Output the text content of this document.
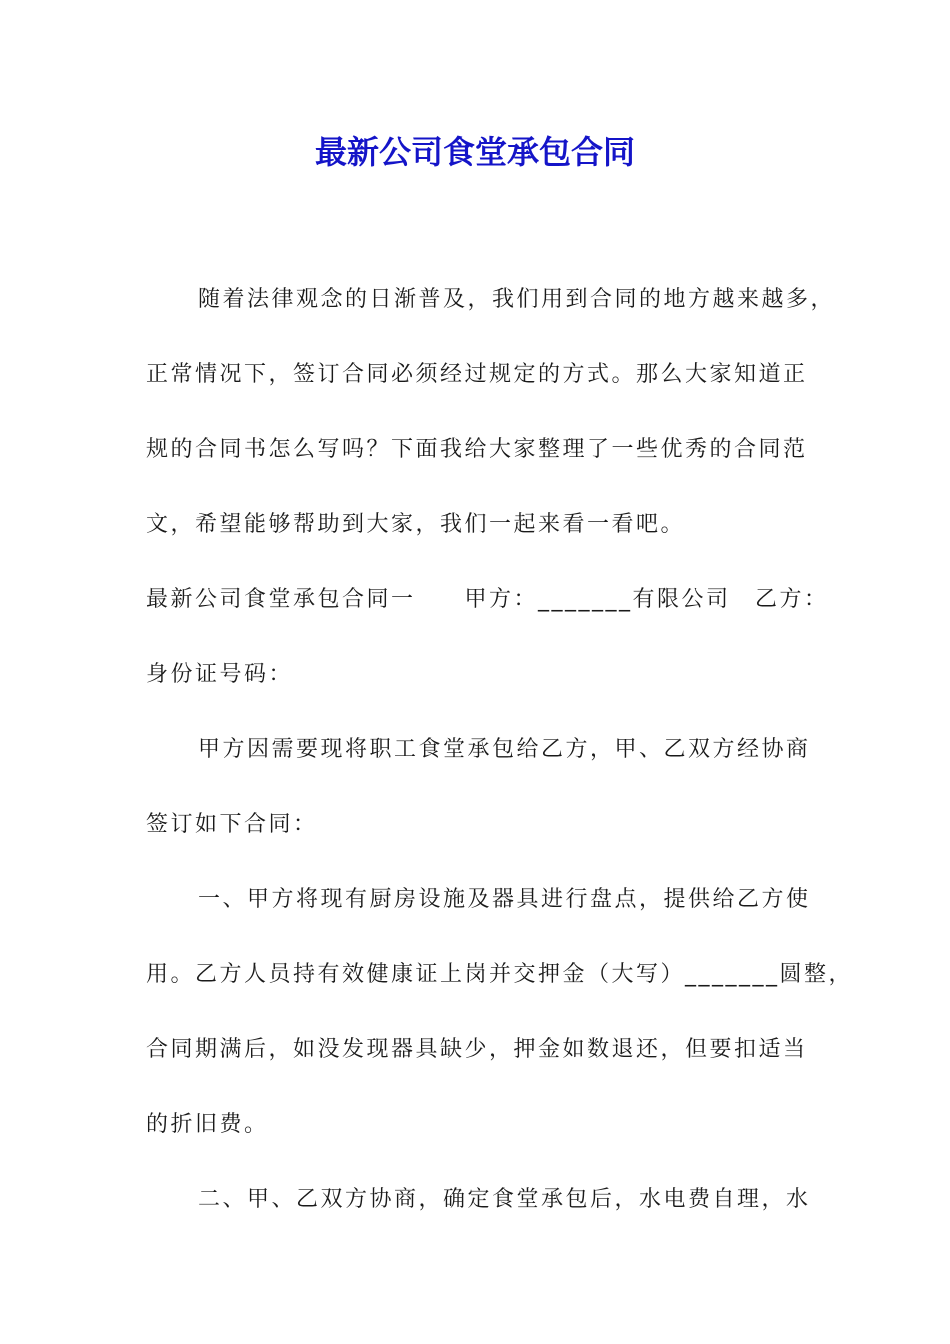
最新公司食堂承包合同
随着法律观念的日渐普及，我们用到合同的地方越来越多，
正常情况下，签订合同必须经过规定的方式。那么大家知道正
规的合同书怎么写吗？下面我给大家整理了一些优秀的合同范
文，希望能够帮助到大家，我们一起来看一看吧。
最新公司食堂承包合同一　　甲方：_______有限公司　乙方：
身份证号码：
甲方因需要现将职工食堂承包给乙方，甲、乙双方经协商
签订如下合同：
一、甲方将现有厨房设施及器具进行盘点，提供给乙方使
用。乙方人员持有效健康证上岗并交押金（大写）_______圆整，
合同期满后，如没发现器具缺少，押金如数退还，但要扣适当
的折旧费。
二、甲、乙双方协商，确定食堂承包后，水电费自理，水
